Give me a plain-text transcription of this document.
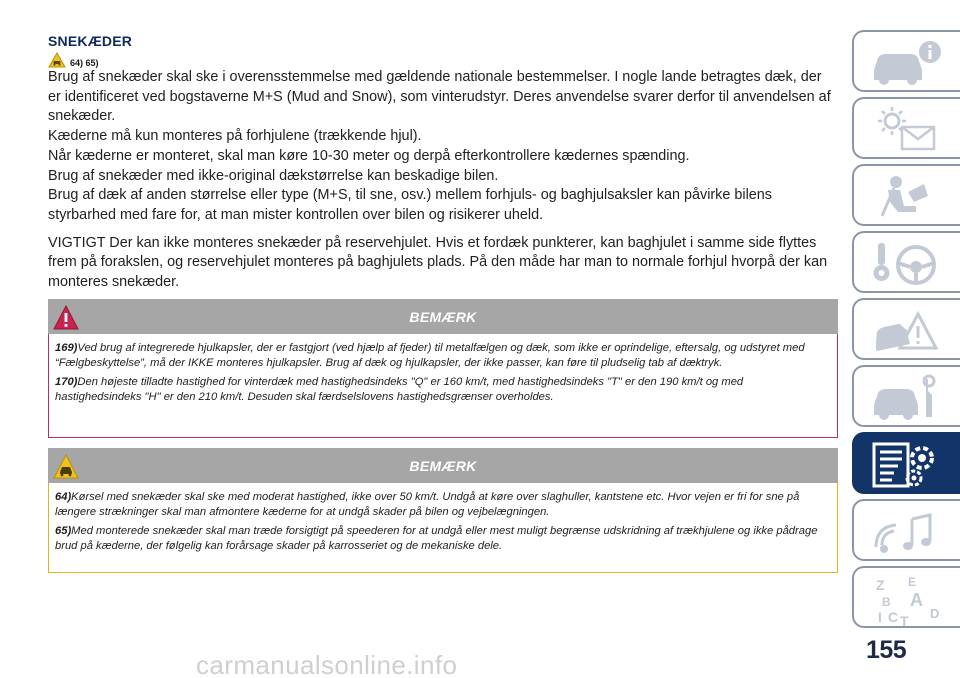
SNEKÆDER
64) 65)

Brug af snekæder skal ske i overensstemmelse med gældende nationale bestemmelser. I nogle lande betragtes dæk, der er identificeret ved bogstaverne M+S (Mud and Snow), som vinterudstyr. Deres anvendelse svarer derfor til anvendelsen af snekæder.

Kæderne må kun monteres på forhjulene (trækkende hjul).

Når kæderne er monteret, skal man køre 10-30 meter og derpå efterkontrollere kædernes spænding.

Brug af snekæder med ikke-original dækstørrelse kan beskadige bilen.

Brug af dæk af anden størrelse eller type (M+S, til sne, osv.) mellem forhjuls- og baghjulsaksler kan påvirke bilens styrbarhed med fare for, at man mister kontrollen over bilen og risikerer uheld.

VIGTIGT Der kan ikke monteres snekæder på reservehjulet. Hvis et fordæk punkterer, kan baghjulet i samme side flyttes frem på forakslen, og reservehjulet monteres på baghjulets plads. På den måde har man to normale forhjul hvorpå der kan monteres snekæder.

BEMÆRK

169)Ved brug af integrerede hjulkapsler, der er fastgjort (ved hjælp af fjeder) til metalfælgen og dæk, som ikke er oprindelige, eftersalg, og udstyret med “Fælgbeskyttelse”, må der IKKE monteres hjulkapsler. Brug af dæk og hjulkapsler, der ikke passer, kan føre til pludselig tab af dæktryk.

170)Den højeste tilladte hastighed for vinterdæk med hastighedsindeks "Q" er 160 km/t, med hastighedsindeks "T" er den 190 km/t og med hastighedsindeks "H" er den 210 km/t. Desuden skal færdselslovens hastighedsgrænser overholdes.

BEMÆRK

64)Kørsel med snekæder skal ske med moderat hastighed, ikke over 50 km/t. Undgå at køre over slaghuller, kantstene etc. Hvor vejen er fri for sne på længere strækninger skal man afmontere kæderne for at undgå skader på bilen og vejbelægningen.

65)Med monterede snekæder skal man træde forsigtigt på speederen for at undgå eller mest muligt begrænse udskridning af trækhjulene og ikke pådrage brud på kæderne, der følgelig kan forårsage skader på karrosseriet og de mekaniske dele.

Z E
B A
C
I T D
155
carmanualsonline.info
